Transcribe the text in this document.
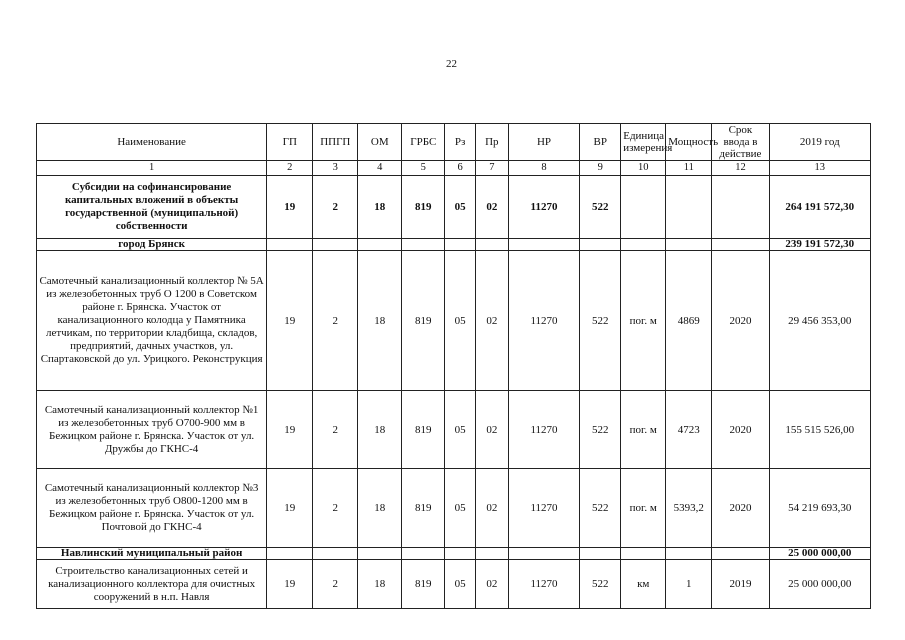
22
Наименование	ГП	ППГП	ОМ	ГРБС	Рз	Пр	НР	ВР	Единица измерения	Мощность	Срок ввода в действие	2019 год
1	2	3	4	5	6	7	8	9	10	11	12	13
Субсидии на софинансирование капитальных вложений в объекты государственной (муниципальной) собственности	19	2	18	819	05	02	11270	522				264 191 572,30
город Брянск												239 191 572,30
Самотечный канализационный коллектор № 5А из железобетонных труб О 1200 в Советском районе г. Брянска. Участок от канализационного колодца у Памятника летчикам, по территории кладбища, складов, предприятий, дачных участков, ул. Спартаковской до ул. Урицкого. Реконструкция	19	2	18	819	05	02	11270	522	пог. м	4869	2020	29 456 353,00
Самотечный канализационный коллектор №1 из железобетонных труб О700-900 мм в Бежицком районе г. Брянска. Участок от ул. Дружбы до ГКНС-4	19	2	18	819	05	02	11270	522	пог. м	4723	2020	155 515 526,00
Самотечный канализационный коллектор №3 из железобетонных труб О800-1200 мм в Бежицком районе г. Брянска. Участок от ул. Почтовой до ГКНС-4	19	2	18	819	05	02	11270	522	пог. м	5393,2	2020	54 219 693,30
Навлинский муниципальный район												25 000 000,00
Строительство канализационных сетей и канализационного коллектора для очистных сооружений в н.п. Навля	19	2	18	819	05	02	11270	522	км	1	2019	25 000 000,00
